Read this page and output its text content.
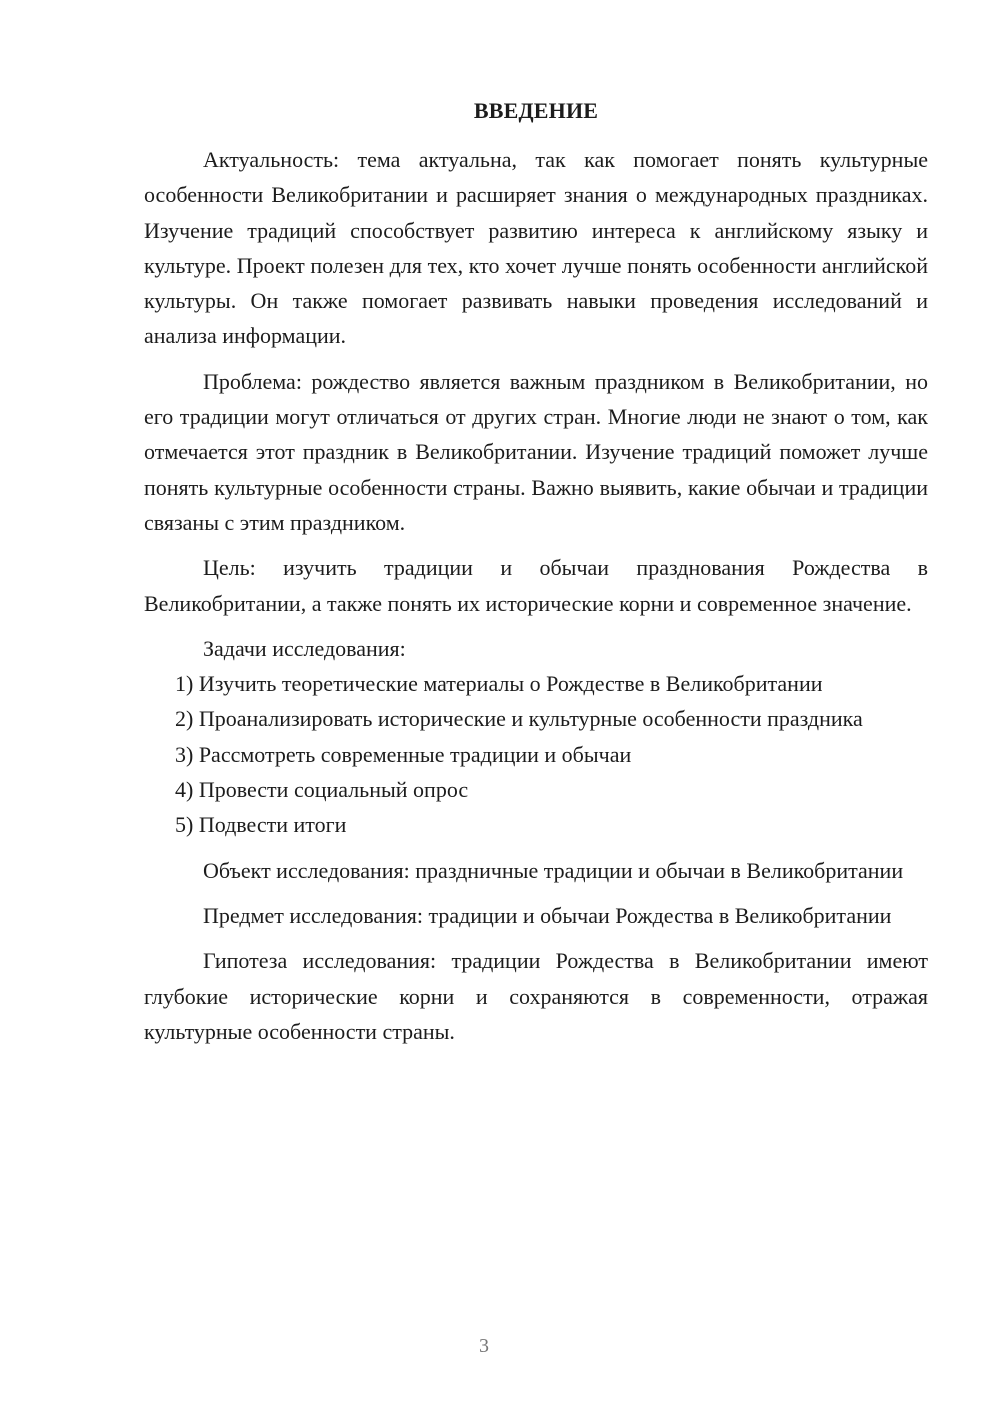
ВВЕДЕНИЕ

Актуальность: тема актуальна, так как помогает понять культурные особенности Великобритании и расширяет знания о международных праздниках. Изучение традиций способствует развитию интереса к английскому языку и культуре. Проект полезен для тех, кто хочет лучше понять особенности английской культуры. Он также помогает развивать навыки проведения исследований и анализа информации.

Проблема: рождество является важным праздником в Великобритании, но его традиции могут отличаться от других стран. Многие люди не знают о том, как отмечается этот праздник в Великобритании. Изучение традиций поможет лучше понять культурные особенности страны. Важно выявить, какие обычаи и традиции связаны с этим праздником.

Цель: изучить традиции и обычаи празднования Рождества в Великобритании, а также понять их исторические корни и современное значение.

Задачи исследования:

1) Изучить теоретические материалы о Рождестве в Великобритании

2) Проанализировать исторические и культурные особенности праздника

3) Рассмотреть современные традиции и обычаи

4) Провести социальный опрос

5) Подвести итоги

Объект исследования: праздничные традиции и обычаи в Великобритании

Предмет исследования: традиции и обычаи Рождества в Великобритании

Гипотеза исследования: традиции Рождества в Великобритании имеют глубокие исторические корни и сохраняются в современности, отражая культурные особенности страны.

3
